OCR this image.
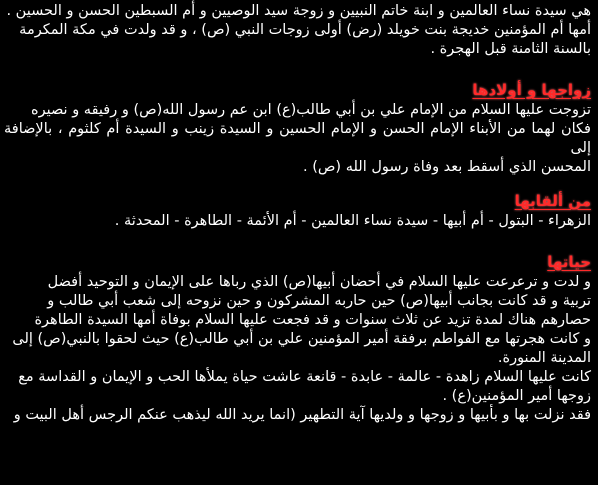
هي سيدة نساء العالمين و ابنة خاتم النبيين و زوجة سيد الوصيين و أم السبطين الحسن و الحسين .

أمها أم المؤمنين خديجة بنت خويلد (رض) أولى زوجات النبي (ص) ، و قد ولدت في مكة المكرمة

بالسنة الثامنة قبل الهجرة .

زواجها و أولادها

تزوجت عليها السلام من الإمام علي بن أبي طالب(ع) ابن عم رسول الله(ص) و رفيقه و نصيره

فكان لهما من الأبناء الإمام الحسن و الإمام الحسين و السيدة زينب و السيدة أم كلثوم ، بالإضافة إلى

المحسن الذي أسقط بعد وفاة رسول الله (ص) .

من ألقابها

الزهراء - البتول - أم أبيها - سيدة نساء العالمين - أم الأئمة - الطاهرة - المحدثة .

حياتها

و لدت و ترعرعت عليها السلام في أحضان أبيها(ص) الذي رباها على الإيمان و التوحيد أفضل

تربية و قد كانت بجانب أبيها(ص) حين حاربه المشركون و حين نزوحه إلى شعب أبي طالب و

حصارهم هناك لمدة تزيد عن ثلاث سنوات و قد فجعت عليها السلام بوفاة أمها السيدة الطاهرة

و كانت هجرتها مع الفواطم برفقة أمير المؤمنين علي بن أبي طالب(ع) حيث لحقوا بالنبي(ص) إلى

المدينة المنورة.

كانت عليها السلام زاهدة - عالمة - عابدة - قانعة عاشت حياة يملأها الحب و الإيمان و القداسة مع

زوجها أمير المؤمنين(ع) .

فقد نزلت بها و بأبيها و زوجها و ولديها آية التطهير (انما يريد الله ليذهب عنكم الرجس أهل البيت و
